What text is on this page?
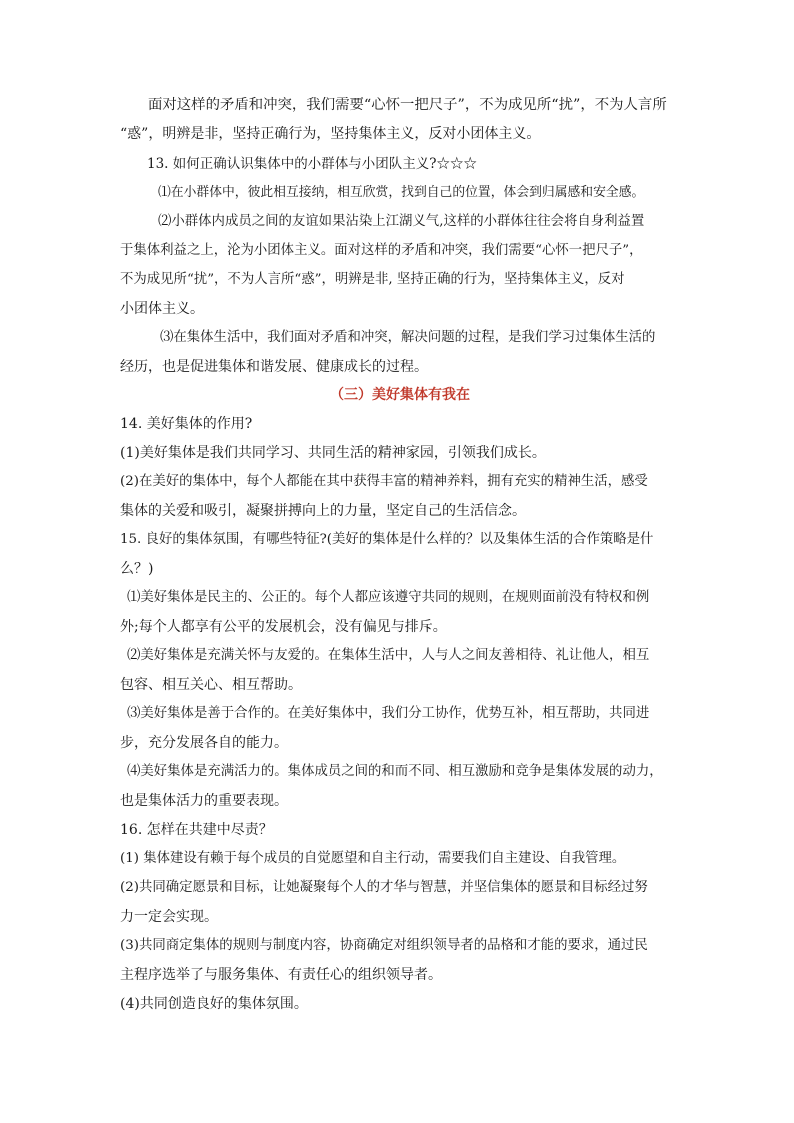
面对这样的矛盾和冲突，我们需要“心怀一把尺子”，不为成见所“扰”，不为人言所
“惑”，明辨是非，坚持正确行为，坚持集体主义，反对小团体主义。
13. 如何正确认识集体中的小群体与小团队主义?☆☆☆
⑴在小群体中，彼此相互接纳，相互欣赏，找到自己的位置，体会到归属感和安全感。
⑵小群体内成员之间的友谊如果沾染上江湖义气,这样的小群体往往会将自身利益置
于集体利益之上，沦为小团体主义。面对这样的矛盾和冲突，我们需要“心怀一把尺子”，
不为成见所“扰”，不为人言所“惑”，明辨是非, 坚持正确的行为，坚持集体主义，反对
小团体主义。
⑶在集体生活中，我们面对矛盾和冲突，解决问题的过程，是我们学习过集体生活的
经历，也是促进集体和谐发展、健康成长的过程。
（三）美好集体有我在
14. 美好集体的作用?
(1)美好集体是我们共同学习、共同生活的精神家园，引领我们成长。
(2)在美好的集体中，每个人都能在其中获得丰富的精神养料，拥有充实的精神生活，感受
集体的关爱和吸引，凝聚拼搏向上的力量，坚定自己的生活信念。
15. 良好的集体氛围，有哪些特征?(美好的集体是什么样的？以及集体生活的合作策略是什
么？)
⑴美好集体是民主的、公正的。每个人都应该遵守共同的规则，在规则面前没有特权和例
外;每个人都享有公平的发展机会，没有偏见与排斥。
⑵美好集体是充满关怀与友爱的。在集体生活中，人与人之间友善相待、礼让他人，相互
包容、相互关心、相互帮助。
⑶美好集体是善于合作的。在美好集体中，我们分工协作，优势互补，相互帮助，共同进
步，充分发展各自的能力。
⑷美好集体是充满活力的。集体成员之间的和而不同、相互激励和竞争是集体发展的动力，
也是集体活力的重要表现。
16. 怎样在共建中尽责？
(1) 集体建设有赖于每个成员的自觉愿望和自主行动，需要我们自主建设、自我管理。
(2)共同确定愿景和目标，让她凝聚每个人的才华与智慧，并坚信集体的愿景和目标经过努
力一定会实现。
(3)共同商定集体的规则与制度内容，协商确定对组织领导者的品格和才能的要求，通过民
主程序选举了与服务集体、有责任心的组织领导者。
(4)共同创造良好的集体氛围。
